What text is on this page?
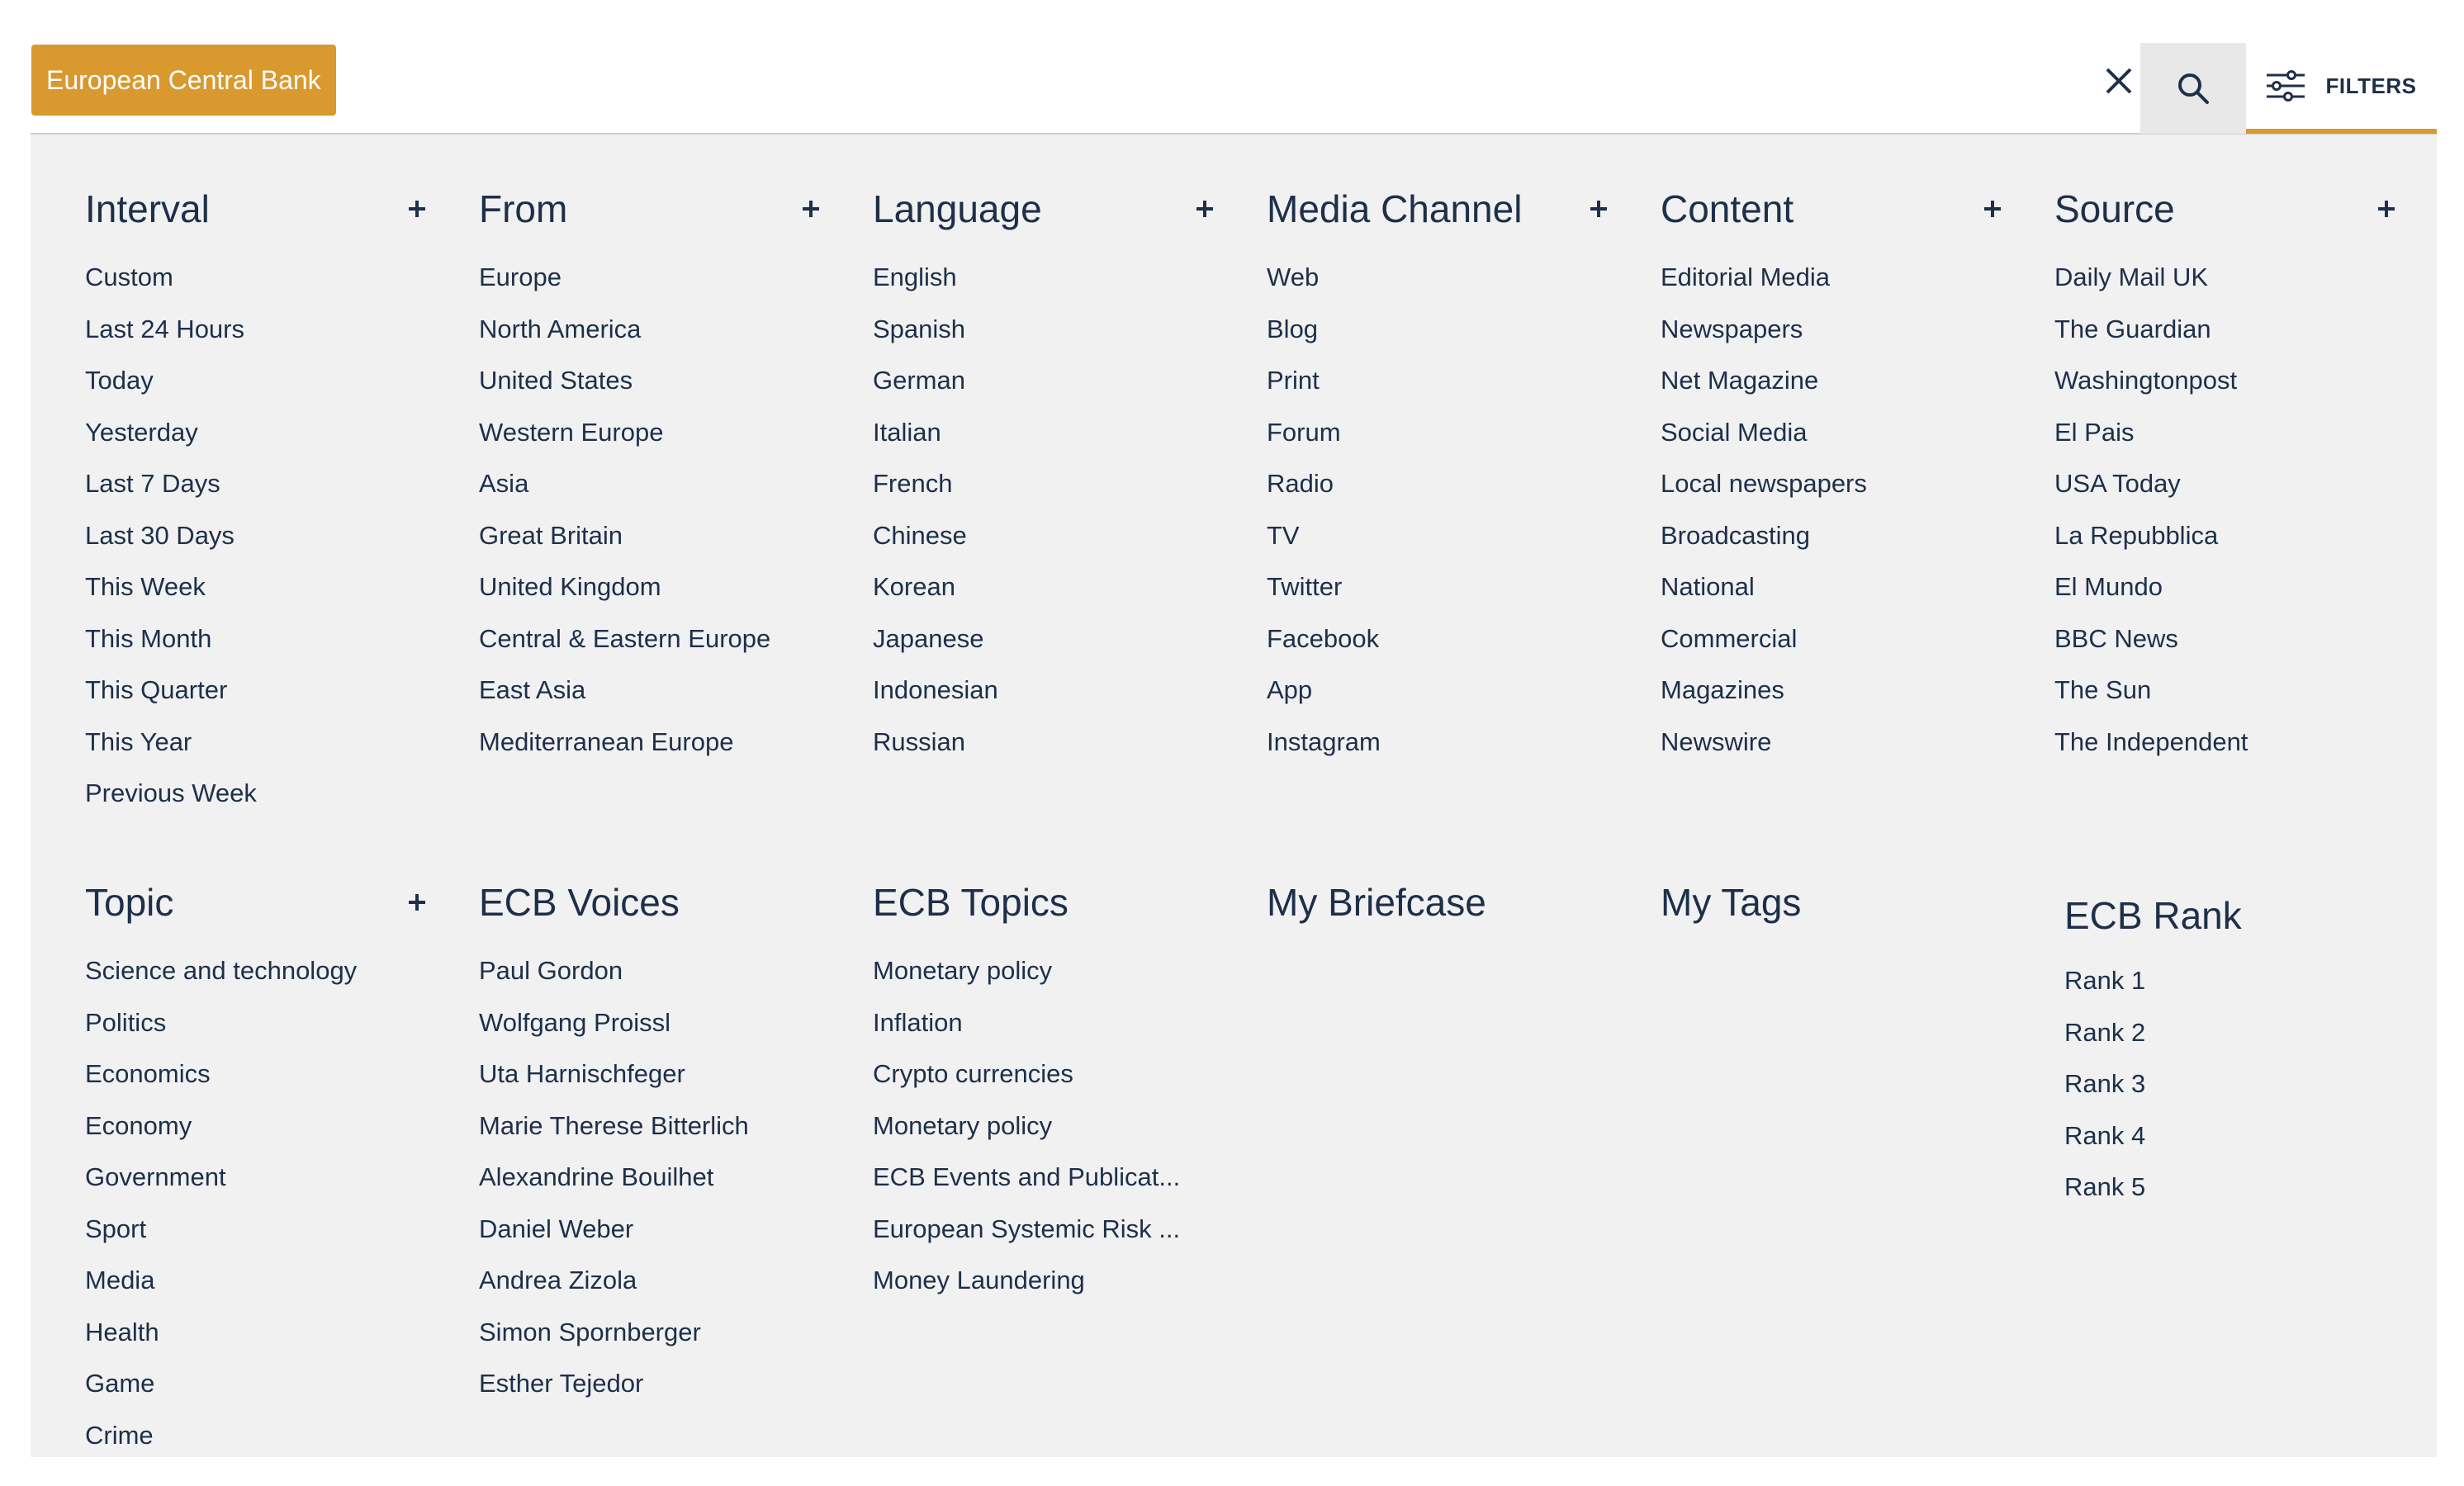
European Central Bank	FILTERS
Interval
Custom
Last 24 Hours
Today
Yesterday
Last 7 Days
Last 30 Days
This Week
This Month
This Quarter
This Year
Previous Week
From
Europe
North America
United States
Western Europe
Asia
Great Britain
United Kingdom
Central & Eastern Europe
East Asia
Mediterranean Europe
Language
English
Spanish
German
Italian
French
Chinese
Korean
Japanese
Indonesian
Russian
Media Channel
Web
Blog
Print
Forum
Radio
TV
Twitter
Facebook
App
Instagram
Content
Editorial Media
Newspapers
Net Magazine
Social Media
Local newspapers
Broadcasting
National
Commercial
Magazines
Newswire
Source
Daily Mail UK
The Guardian
Washingtonpost
El Pais
USA Today
La Repubblica
El Mundo
BBC News
The Sun
The Independent
Topic
Science and technology
Politics
Economics
Economy
Government
Sport
Media
Health
Game
Crime
ECB Voices
Paul Gordon
Wolfgang Proissl
Uta Harnischfeger
Marie Therese Bitterlich
Alexandrine Bouilhet
Daniel Weber
Andrea Zizola
Simon Spornberger
Esther Tejedor
ECB Topics
Monetary policy
Inflation
Crypto currencies
Monetary policy
ECB Events and Publicat...
European Systemic Risk ...
Money Laundering
My Briefcase	My Tags	ECB Rank
Rank 1
Rank 2
Rank 3
Rank 4
Rank 5
